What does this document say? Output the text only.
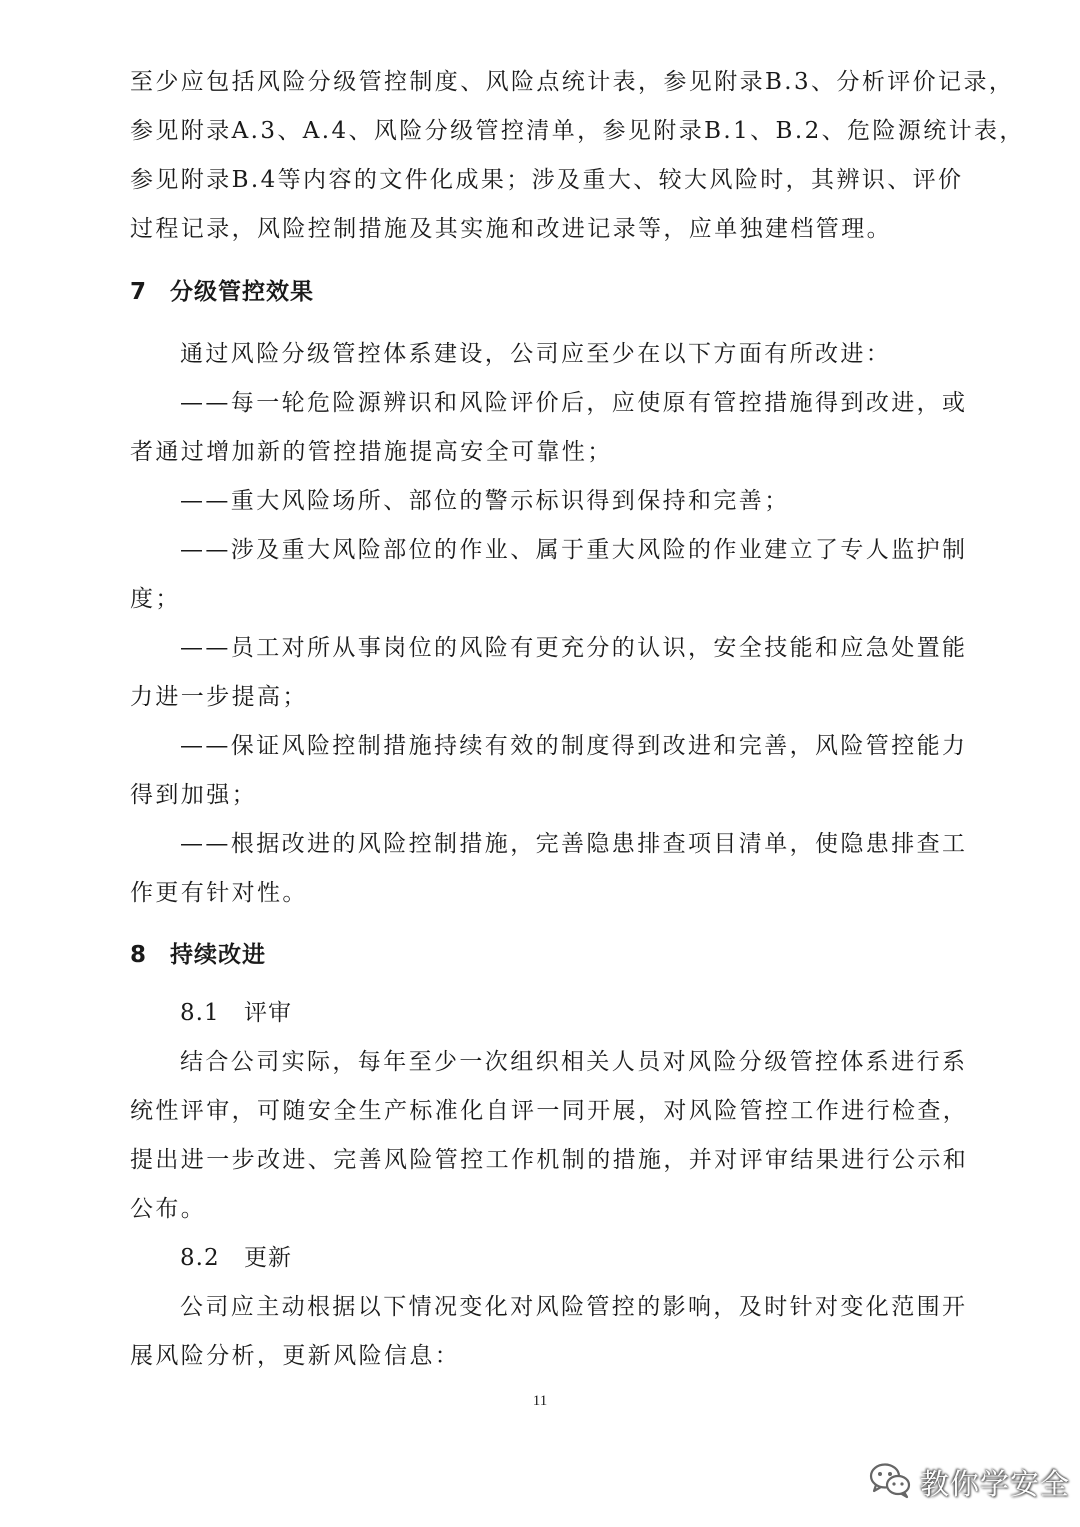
至少应包括风险分级管控制度、风险点统计表，参见附录B.3、分析评价记录，
参见附录A.3、A.4、风险分级管控清单，参见附录B.1、B.2、危险源统计表，
参见附录B.4等内容的文件化成果；涉及重大、较大风险时，其辨识、评价
过程记录，风险控制措施及其实施和改进记录等，应单独建档管理。
7 分级管控效果
通过风险分级管控体系建设，公司应至少在以下方面有所改进：
——每一轮危险源辨识和风险评价后，应使原有管控措施得到改进，或
者通过增加新的管控措施提高安全可靠性；
——重大风险场所、部位的警示标识得到保持和完善；
——涉及重大风险部位的作业、属于重大风险的作业建立了专人监护制
度；
——员工对所从事岗位的风险有更充分的认识，安全技能和应急处置能
力进一步提高；
——保证风险控制措施持续有效的制度得到改进和完善，风险管控能力
得到加强；
——根据改进的风险控制措施，完善隐患排查项目清单，使隐患排查工
作更有针对性。
8 持续改进
8.1 评审
结合公司实际，每年至少一次组织相关人员对风险分级管控体系进行系
统性评审，可随安全生产标准化自评一同开展，对风险管控工作进行检查，
提出进一步改进、完善风险管控工作机制的措施，并对评审结果进行公示和
公布。
8.2 更新
公司应主动根据以下情况变化对风险管控的影响，及时针对变化范围开
展风险分析，更新风险信息：
11
教你学安全
